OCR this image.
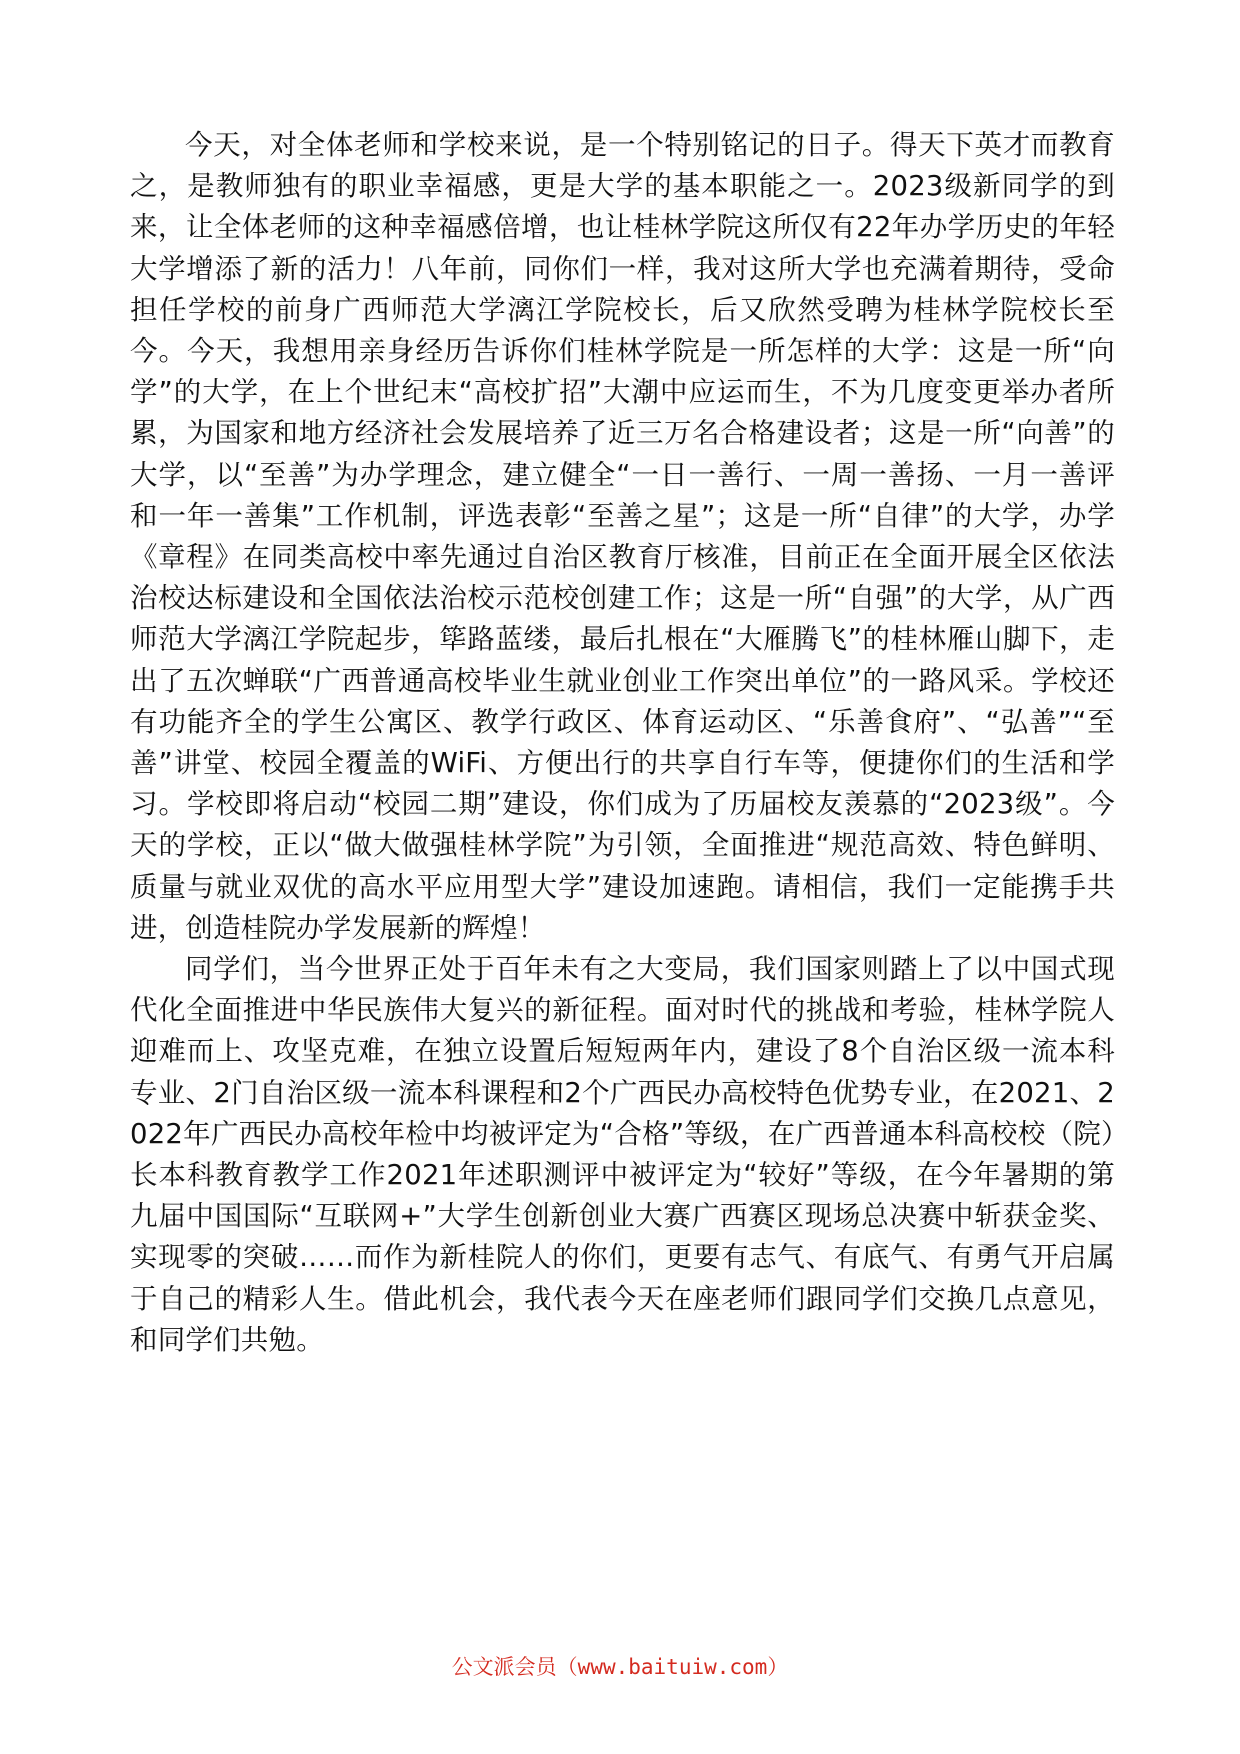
今天，对全体老师和学校来说，是一个特别铭记的日子。得天下英才而教育之，是教师独有的职业幸福感，更是大学的基本职能之一。2023级新同学的到来，让全体老师的这种幸福感倍增，也让桂林学院这所仅有22年办学历史的年轻大学增添了新的活力！八年前，同你们一样，我对这所大学也充满着期待，受命担任学校的前身广西师范大学漓江学院校长，后又欣然受聘为桂林学院校长至今。今天，我想用亲身经历告诉你们桂林学院是一所怎样的大学：这是一所“向学”的大学，在上个世纪末“高校扩招”大潮中应运而生，不为几度变更举办者所累，为国家和地方经济社会发展培养了近三万名合格建设者；这是一所“向善”的大学，以“至善”为办学理念，建立健全“一日一善行、一周一善扬、一月一善评和一年一善集”工作机制，评选表彰“至善之星”；这是一所“自律”的大学，办学《章程》在同类高校中率先通过自治区教育厅核准，目前正在全面开展全区依法治校达标建设和全国依法治校示范校创建工作；这是一所“自强”的大学，从广西师范大学漓江学院起步，筚路蓝缕，最后扎根在“大雁腾飞”的桂林雁山脚下，走出了五次蝉联“广西普通高校毕业生就业创业工作突出单位”的一路风采。学校还有功能齐全的学生公寓区、教学行政区、体育运动区、“乐善食府”、“弘善”“至善”讲堂、校园全覆盖的WiFi、方便出行的共享自行车等，便捷你们的生活和学习。学校即将启动“校园二期”建设，你们成为了历届校友羡慕的“2023级”。今天的学校，正以“做大做强桂林学院”为引领，全面推进“规范高效、特色鲜明、质量与就业双优的高水平应用型大学”建设加速跑。请相信，我们一定能携手共进，创造桂院办学发展新的辉煌！

同学们，当今世界正处于百年未有之大变局，我们国家则踏上了以中国式现代化全面推进中华民族伟大复兴的新征程。面对时代的挑战和考验，桂林学院人迎难而上、攻坚克难，在独立设置后短短两年内，建设了8个自治区级一流本科专业、2门自治区级一流本科课程和2个广西民办高校特色优势专业，在2021、2022年广西民办高校年检中均被评定为“合格”等级，在广西普通本科高校校（院）长本科教育教学工作2021年述职测评中被评定为“较好”等级，在今年暑期的第九届中国国际“互联网+”大学生创新创业大赛广西赛区现场总决赛中斩获金奖、实现零的突破……而作为新桂院人的你们，更要有志气、有底气、有勇气开启属于自己的精彩人生。借此机会，我代表今天在座老师们跟同学们交换几点意见，和同学们共勉。

公文派会员（www.baituiw.com）
